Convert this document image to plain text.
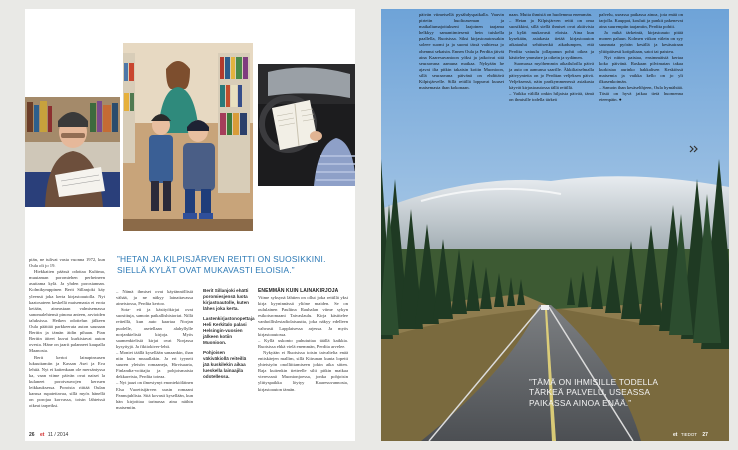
piän, ne tulivat vasta vuonna 1972, kun Oula oli jo 19.

Hiekkatien päässä odottaa Kultima, muutaman poromiehen perheineen asuttama kylä. Ja yhden porosiannan. Kolmikymppinen Berit Sillanjoki käy yleensä joka kerta kirjastoautolla. Nyt kaatosateen keskellä maisemasta ei erota ketään, aineastaan valmisemassa sanomalehtensä pinona anteen, arvioiden taluksissa. Hetken odottelun jälkeen Oula päättää parkkeerata auton saunaan Beritin ja tämän äidin pihaan. Pian Beritin äiteet kuvat kurkistavat auton ovesta. Häne on jaarit palanneet kaupalla Maanosta.

Berit kertoi lainaptnsusen lukuuttamiin ja Kassan Asei ja Eva lehtiä. Nyt ei kaitenkaan ole mersäntyssa ka, vaan viime päivän ovat naiset la kulaneet porotvauvojen kerruen leikkauksessa. Poroista riittää Oulan kanssa rupatettavaa, sillä myös hänellä on porojaa korvassa, toisin lähteissä oikeat tarpeiksi.

”HETAN JA KILPISJÄRVEN REITTI ON SUOSIKKINI. SIELLÄ KYLÄT OVAT MUKAVASTI ELOISIA.”

– Nämä ihmiset ovat käytännöllisiä vähää, ja ne näkyy lainattavassa aineistossa, Perdita kertoo.

Sota- eti ja käsityökirjat ovat suosittuja, samoin paikallishistoriat. Nillä reiteillä, kun auto kaartaa Norjan puolelle, asetellaan alahyllylle norjankielisiä kirjoja. Myös saamenkielisiä kirjat ovat Norjassa kysyttyjä. Ja fiktiokiver-lehti.

– Moniet täällä kysellään sanaankin, ihan niin kuin muuallakin. Ja eri tyyneit suuren yleisön romaaneja, Hirvisaarta, Finlandia-voittajia ja pohjoismaista dekkareista, Perdita toteaa.

– Nyt jaazi on ilmestynyt enontekiöläinen Elsa Vuoettsijärven uusin romaani Pannujuhlista. Sitä kovasti kysellään, kun hän kirjoittaa tarinassa aina näihin maisemiin.

Berit Sillanjoki ehätti poromiesjensä luota kirjastoautolle, kuten lähes joka kerta.
Lastenkirjastonopettaja Heli Kerkitalo palasi Helsingin-vuosien jälkeen kotiin Muonioon.
Pohjoisen väkiväkiollä reiteillä jää kuskilekin aikaa lueskella lainaajila odotellessa.
ENEMMÄN KUIN LAINAKIRJOJA

Viime syksynä lähtien on ollut joka reitillä yksi kirja kyyninnässä yliöne maiden. Se on oululainen Pauliina Rauhalan viime sykyn esikoisromaani Taivaslaulu. Kirja käsittelee vanhoillislestadiolaisuutta, joka näkyy edelleen vahvasti Lapplaisessa arjessa. Ja myös kirjastoautossa.

– Kyllä uskonto puhututtaa täällä kaikkia. Ruotsissa ehkä vielä enemmän, Perdita arvelee.

Nykyään ei Ruotsissa toisin taivaltelta enää entiskäejen mallim, sillä Kiirunan kunta lopetti yhteistyön onolliittamiseen jokin aika sitten. Raja kuitenkin tietteelle silti pitkin matkaa vieresssnä Muonionjoessa, jonka pohjoisin ylittyspaikka löytyy Kaaresuvannosta, kirjastoauton tämän.

26 et 11 / 2014

päivän viimeisellä pysähdyspaikalla. Vauvin pirteiin huoltoaseman ja maikaliumajoitukseni laajoinen taajama helkkyy samantimiesenä hein tuiskella paallella, Ruotsissa. Siksi kirjastoautossakin soleee suomi ja ja suomi tässä vaihtessa jo ohennut sekaisin. Ennen Oula ja Perdita jäivät aina Kaaresuvantoon yöksi ja jatkoivat sitä seuraavana aamuna matkaa. Nykyään he ajavat ilta pitkin takaisin kotiin Muonioon, sillä seuraavana päivänä on ehdittävä Kilpisjärvelle. Sillä reitillä loppuvat kuuset maisemasta ihan kokonaan.

naan. Mutta ihmisiä on huolemma enemmän.

– Hetan ja Kilpisjärven reitti on oma suosikkini, sillä siellä ihmiset ovat aktiivisia ja kylät mukavasti eloisia. Aina kun kysekään, asiakasta tietää kirjastoauton aikataulut sehttisenkä aikadumpen, että Perdita vatuulu jollapanun pohti oikea ja käsitelee ymmärre ja oikein ja sydämen.

Suomassa myöhemmin aikailuloilla päivä ja auto on aamunsa saarille. Äkkiliaiselmalla päivyyntetta on jo Perditan veljeksen päivä. Veljeksensä, näin parikymmenessä asiakasta käyvät kirjastoautossa tällä reitillä.

– Vaikka välillä onkin hiljaista päivää, tämä on ihmisille todella tärkeä

palvelu, useassa paikassa ainoa, jota enää on tarjolla. Kauppat, kouluti ja pankit pakenevat aina suurempiin taajamiin, Perdita pohtii.

Ja mikä tärkeintä, kirjastoauto pitää monen paluun. Kolmen viikon välein on syy suunnata pyörän kesällä ja kesäsairaan yltiöpäisesti kotipiltaan, satoi tai paisteu.

Nyt nitten paistaa, ensimmäistä kertaa koko päivänä. Raskaan pilvimatan takaa kurkistaa aurinko hakkalisen Keskiössä maisemia ja vaikka kello on jo yli ilkasenkoimän.

– Samoin ihan kesäselthjeen, Oula hymähtää. Tästä on hyvä jatkaa tietä huomenna eteenpäin. ●

”TÄMÄ ON IHMISILLE TODELLA TÄRKEÄ PALVELU, USEASSA PAIKASSA AINOA ENÄÄ.”
et TIEDOT 27
